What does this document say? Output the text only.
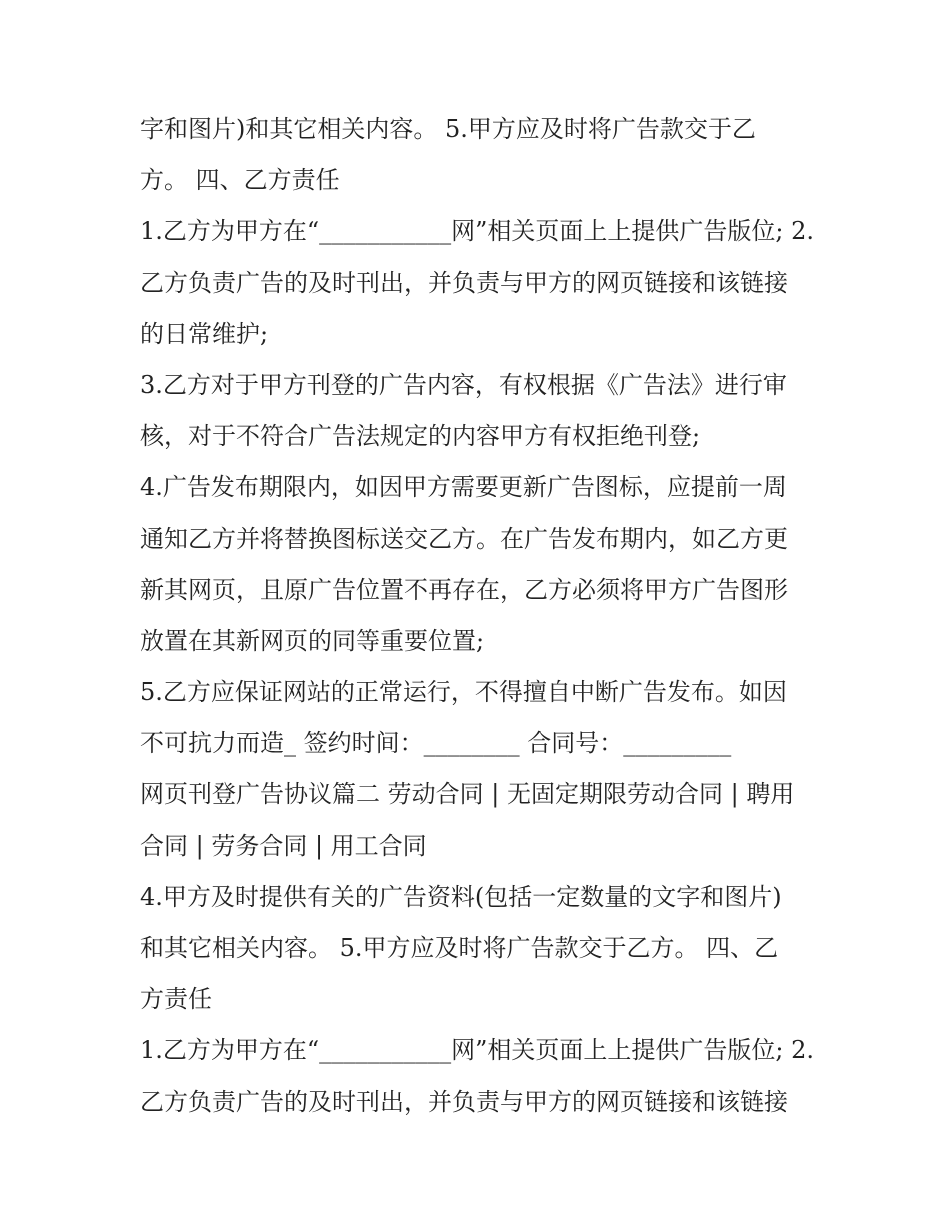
字和图片)和其它相关内容。 5.甲方应及时将广告款交于乙
方。 四、乙方责任
1.乙方为甲方在“___________网”相关页面上上提供广告版位; 2.
乙方负责广告的及时刊出，并负责与甲方的网页链接和该链接
的日常维护;
3.乙方对于甲方刊登的广告内容，有权根据《广告法》进行审
核，对于不符合广告法规定的内容甲方有权拒绝刊登;
4.广告发布期限内，如因甲方需要更新广告图标，应提前一周
通知乙方并将替换图标送交乙方。在广告发布期内，如乙方更
新其网页，且原广告位置不再存在，乙方必须将甲方广告图形
放置在其新网页的同等重要位置;
5.乙方应保证网站的正常运行，不得擅自中断广告发布。如因
不可抗力而造_ 签约时间：________ 合同号：_________
网页刊登广告协议篇二 劳动合同 | 无固定期限劳动合同 | 聘用
合同 | 劳务合同 | 用工合同
4.甲方及时提供有关的广告资料(包括一定数量的文字和图片)
和其它相关内容。 5.甲方应及时将广告款交于乙方。 四、乙
方责任
1.乙方为甲方在“___________网”相关页面上上提供广告版位; 2.
乙方负责广告的及时刊出，并负责与甲方的网页链接和该链接
